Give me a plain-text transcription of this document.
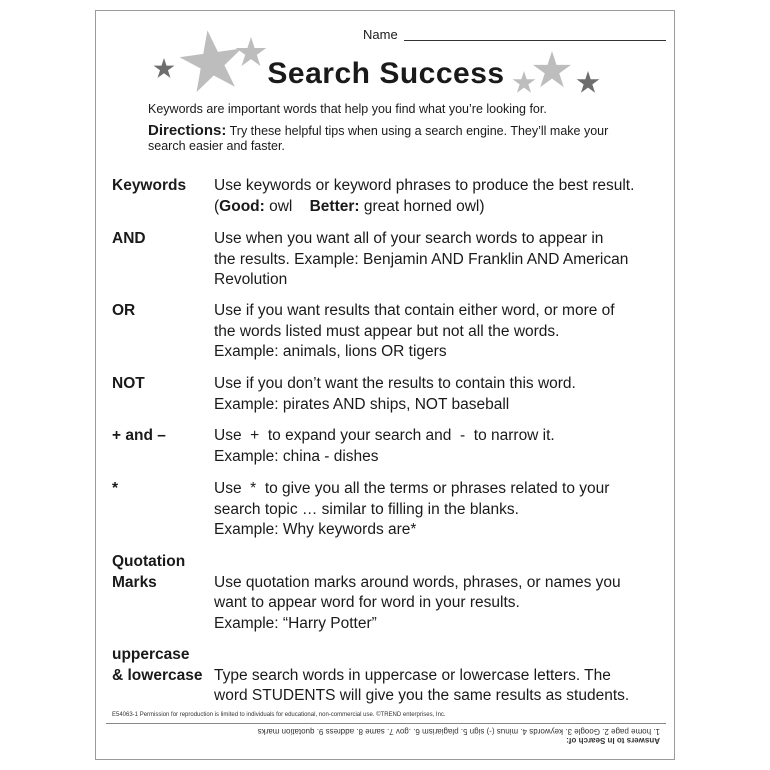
Name
Search Success
Keywords are important words that help you find what you’re looking for.
Directions: Try these helpful tips when using a search engine. They’ll make your search easier and faster.
Keywords	Use keywords or keyword phrases to produce the best result.
(Good: owl Better: great horned owl)
AND	Use when you want all of your search words to appear in
the results. Example: Benjamin AND Franklin AND American
Revolution
OR	Use if you want results that contain either word, or more of
the words listed must appear but not all the words.
Example: animals, lions OR tigers
NOT	Use if you don’t want the results to contain this word.
Example: pirates AND ships, NOT baseball
+ and –	Use  +  to expand your search and  -  to narrow it.
Example: china - dishes
*	Use  *  to give you all the terms or phrases related to your
search topic … similar to filling in the blanks.
Example: Why keywords are*
Quotation
Marks	Use quotation marks around words, phrases, or names you
want to appear word for word in your results.
Example: “Harry Potter”
uppercase
& lowercase Type search words in uppercase or lowercase letters. The
word STUDENTS will give you the same results as students.
E54063-1 Permission for reproduction is limited to individuals for educational, non-commercial use. ©TREND enterprises, Inc.
Answers to In Search of:
1. home page 2. Google 3. keywords 4. minus (-) sign 5. plagiarism 6. .gov 7. same 8. address 9. quotation marks
